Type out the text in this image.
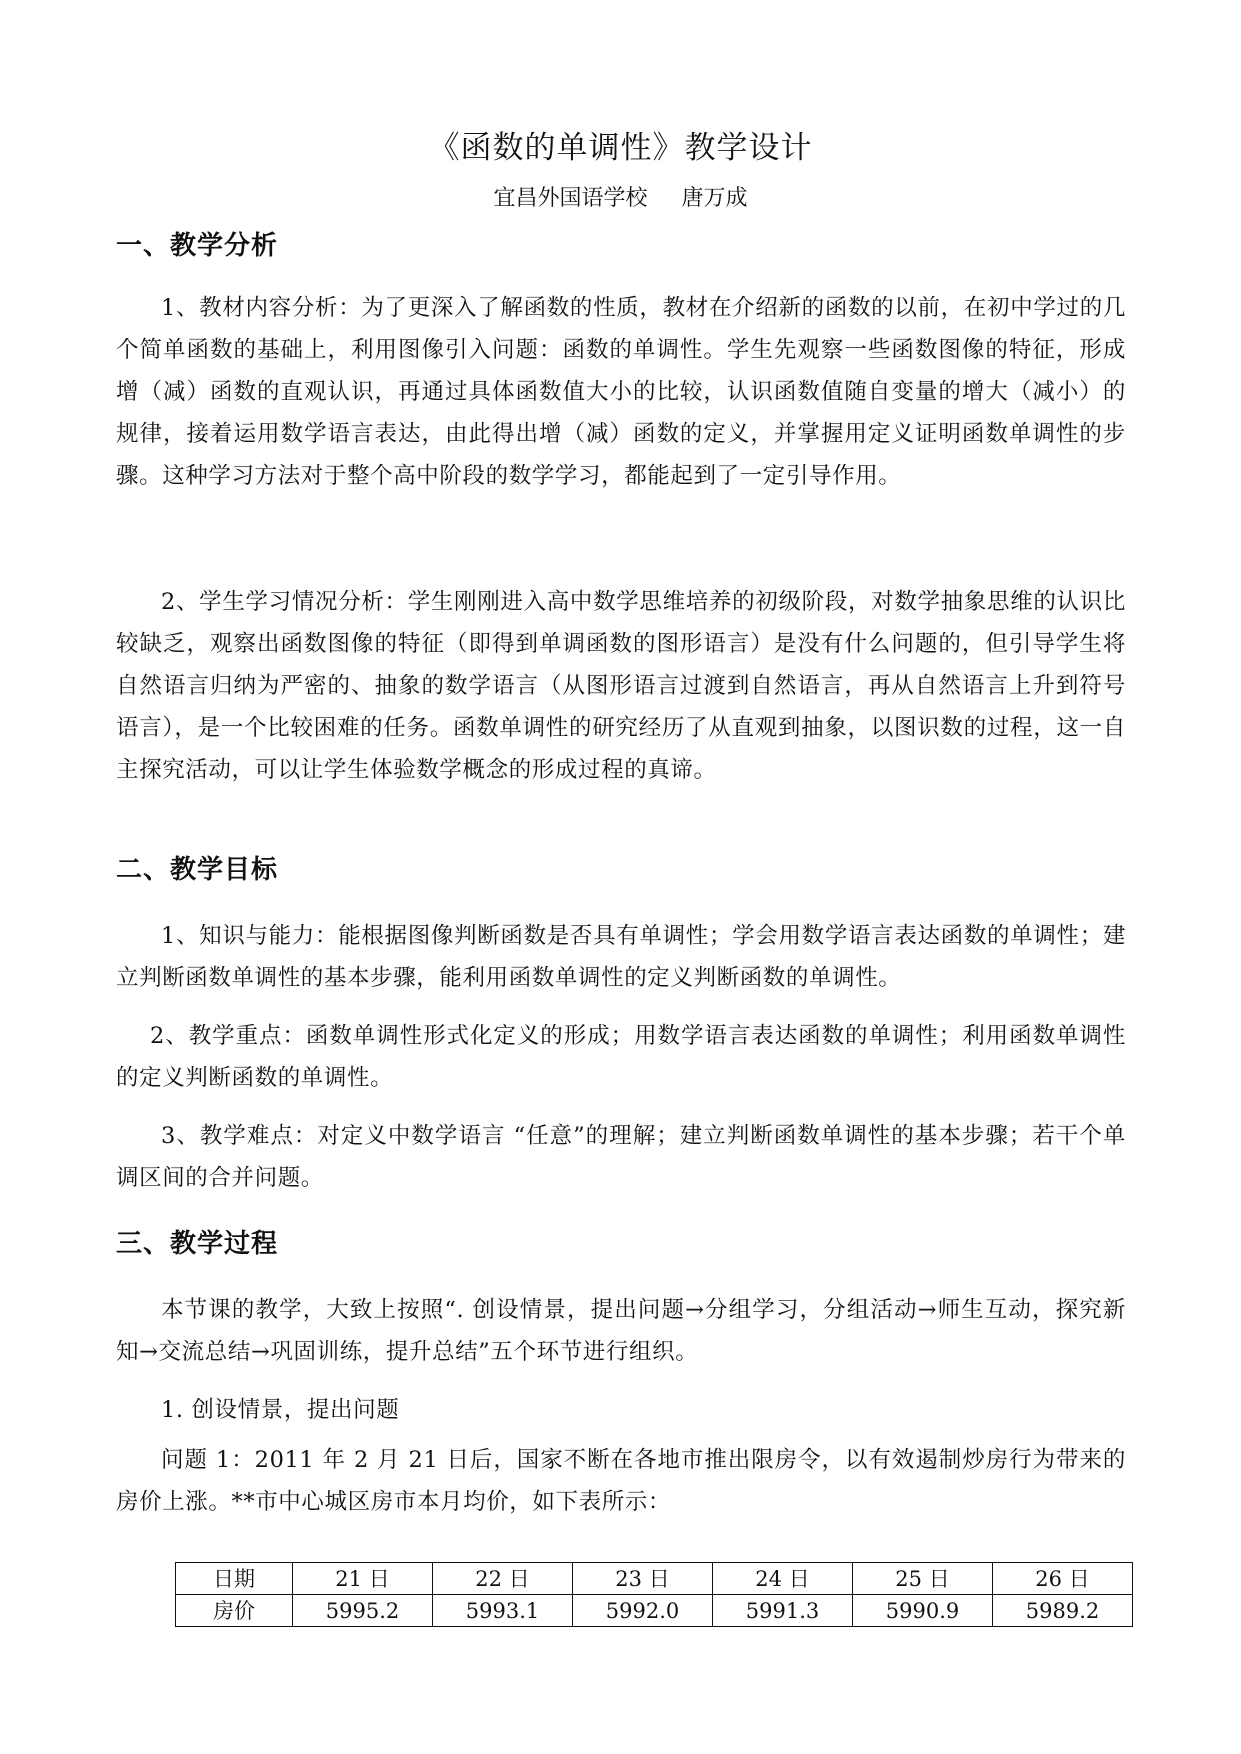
《函数的单调性》教学设计
宜昌外国语学校 唐万成
一、教学分析

1、教材内容分析：为了更深入了解函数的性质，教材在介绍新的函数的以前，在初中学过的几个简单函数的基础上，利用图像引入问题：函数的单调性。学生先观察一些函数图像的特征，形成增（减）函数的直观认识，再通过具体函数值大小的比较，认识函数值随自变量的增大（减小）的规律，接着运用数学语言表达，由此得出增（减）函数的定义，并掌握用定义证明函数单调性的步骤。这种学习方法对于整个高中阶段的数学学习，都能起到了一定引导作用。

2、学生学习情况分析：学生刚刚进入高中数学思维培养的初级阶段，对数学抽象思维的认识比较缺乏，观察出函数图像的特征（即得到单调函数的图形语言）是没有什么问题的，但引导学生将自然语言归纳为严密的、抽象的数学语言（从图形语言过渡到自然语言，再从自然语言上升到符号语言），是一个比较困难的任务。函数单调性的研究经历了从直观到抽象，以图识数的过程，这一自主探究活动，可以让学生体验数学概念的形成过程的真谛。

二、教学目标

1、知识与能力：能根据图像判断函数是否具有单调性；学会用数学语言表达函数的单调性；建立判断函数单调性的基本步骤，能利用函数单调性的定义判断函数的单调性。

2、教学重点：函数单调性形式化定义的形成；用数学语言表达函数的单调性；利用函数单调性的定义判断函数的单调性。

3、教学难点：对定义中数学语言 “任意”的理解；建立判断函数单调性的基本步骤；若干个单调区间的合并问题。

三、教学过程

本节课的教学，大致上按照“. 创设情景，提出问题→分组学习，分组活动→师生互动，探究新知→交流总结→巩固训练，提升总结”五个环节进行组织。

1. 创设情景，提出问题

问题 1：2011 年 2 月 21 日后，国家不断在各地市推出限房令，以有效遏制炒房行为带来的房价上涨。**市中心城区房市本月均价，如下表所示：

日期	21 日	22 日	23 日	24 日	25 日	26 日
房价	5995.2	5993.1	5992.0	5991.3	5990.9	5989.2
